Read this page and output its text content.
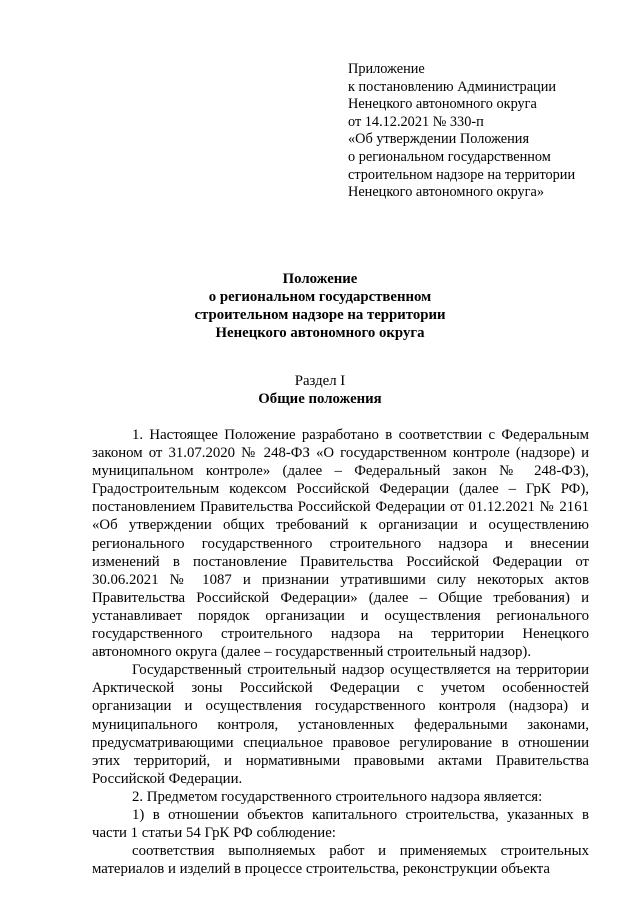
Приложение
к постановлению Администрации
Ненецкого автономного округа
от 14.12.2021 № 330-п
«Об утверждении Положения
о региональном государственном
строительном надзоре на территории
Ненецкого автономного округа»
Положение
о региональном государственном
строительном надзоре на территории
Ненецкого автономного округа
Раздел I
Общие положения

1. Настоящее Положение разработано в соответствии с Федеральным законом от 31.07.2020 № 248-ФЗ «О государственном контроле (надзоре) и муниципальном контроле» (далее – Федеральный закон № 248-ФЗ), Градостроительным кодексом Российской Федерации (далее – ГрК РФ), постановлением Правительства Российской Федерации от 01.12.2021 № 2161 «Об утверждении общих требований к организации и осуществлению регионального государственного строительного надзора и внесении изменений в постановление Правительства Российской Федерации от 30.06.2021 № 1087 и признании утратившими силу некоторых актов Правительства Российской Федерации» (далее – Общие требования) и устанавливает порядок организации и осуществления регионального государственного строительного надзора на территории Ненецкого автономного округа (далее – государственный строительный надзор).

Государственный строительный надзор осуществляется на территории Арктической зоны Российской Федерации с учетом особенностей организации и осуществления государственного контроля (надзора) и муниципального контроля, установленных федеральными законами, предусматривающими специальное правовое регулирование в отношении этих территорий, и нормативными правовыми актами Правительства Российской Федерации.

2. Предметом государственного строительного надзора является:

1) в отношении объектов капитального строительства, указанных в части 1 статьи 54 ГрК РФ соблюдение:

соответствия выполняемых работ и применяемых строительных материалов и изделий в процессе строительства, реконструкции объекта
